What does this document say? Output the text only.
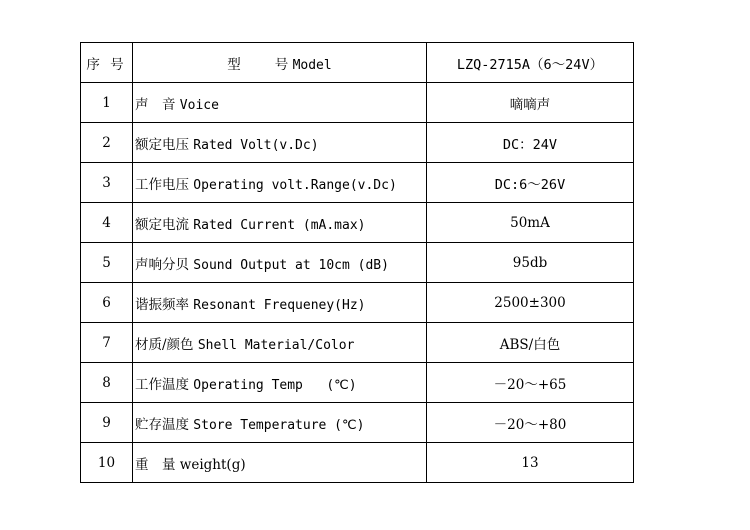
序 号	型 号 Model	LZQ-2715A（6～24V）
1	声　音 Voice	嘀嘀声
2	额定电压 Rated Volt(v.Dc)	DC：24V
3	工作电压 Operating volt.Range(v.Dc)	DC:6～26V
4	额定电流 Rated Current (mA.max)	50mA
5	声响分贝 Sound Output at 10cm (dB)	95db
6	谐振频率 Resonant Frequeney(Hz)	2500±300
7	材质/颜色 Shell Material/Color	ABS/白色
8	工作温度 Operating Temp   (℃)	－20～+65
9	贮存温度 Store Temperature (℃)	－20～+80
10	重　量 weight(g)	13
